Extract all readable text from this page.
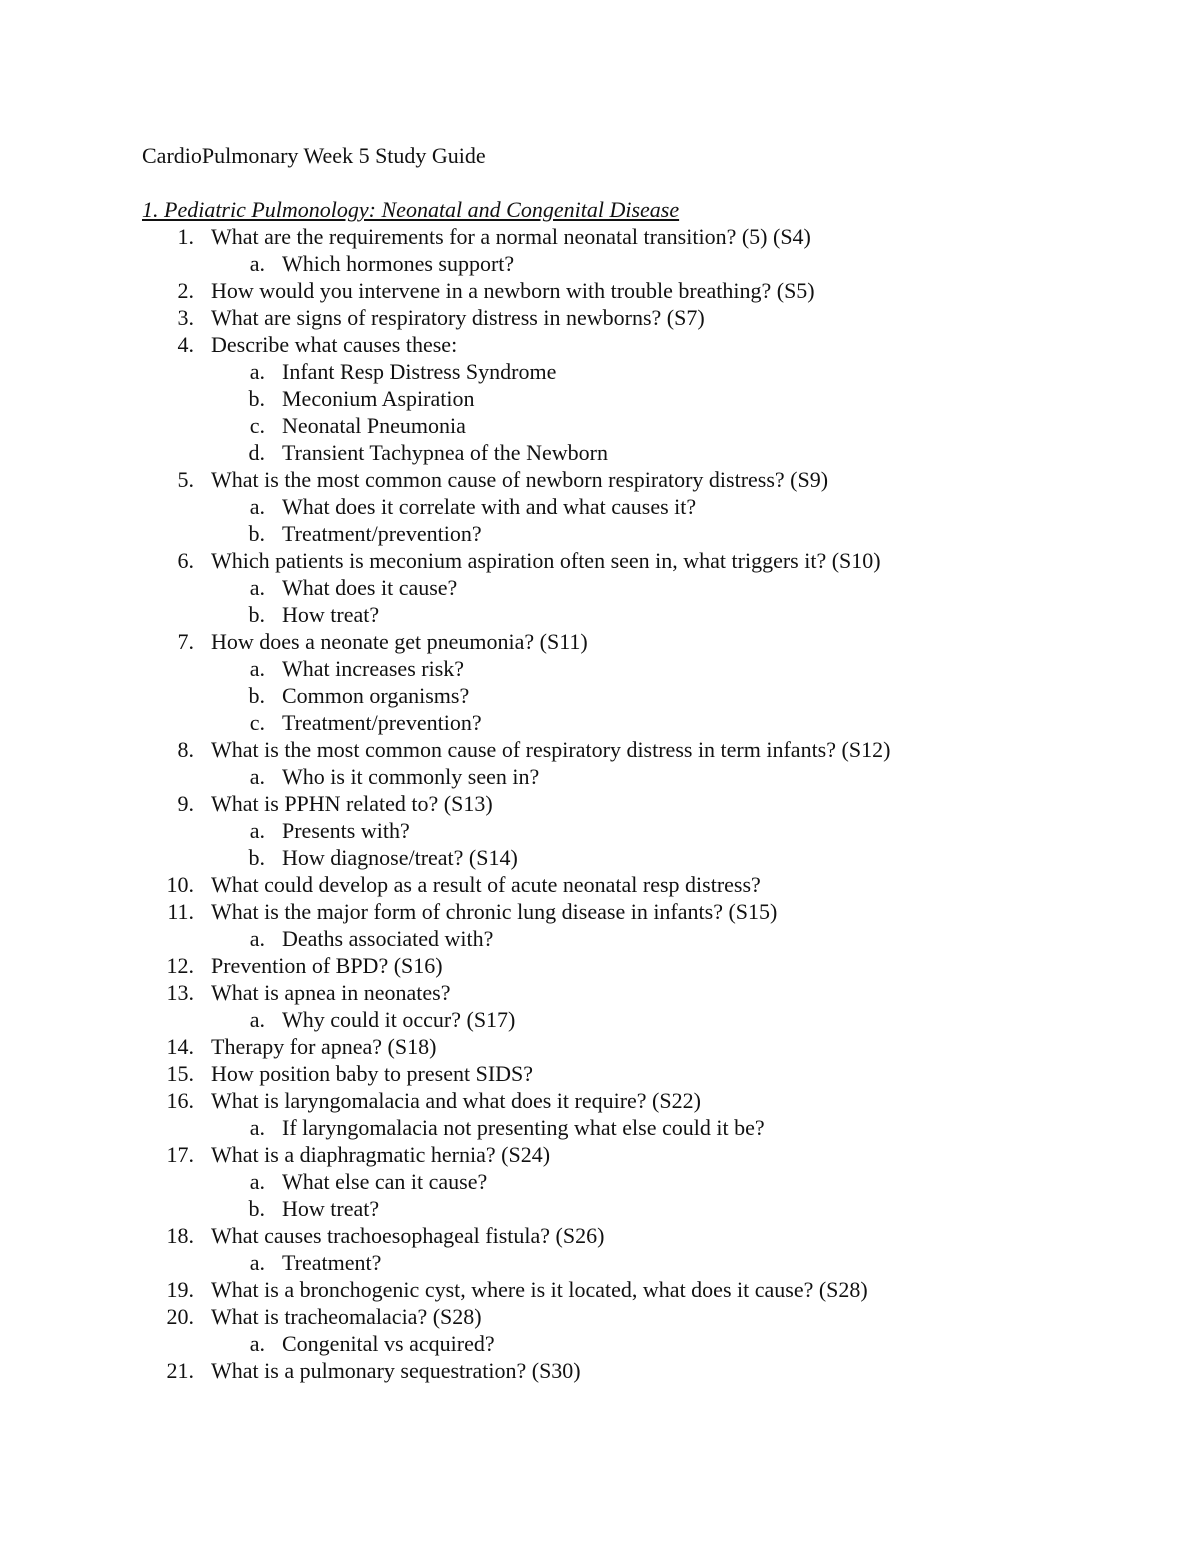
CardioPulmonary Week 5 Study Guide
1. Pediatric Pulmonology: Neonatal and Congenital Disease
1. What are the requirements for a normal neonatal transition? (5) (S4)
a. Which hormones support?
2. How would you intervene in a newborn with trouble breathing? (S5)
3. What are signs of respiratory distress in newborns? (S7)
4. Describe what causes these:
a. Infant Resp Distress Syndrome
b. Meconium Aspiration
c. Neonatal Pneumonia
d. Transient Tachypnea of the Newborn
5. What is the most common cause of newborn respiratory distress? (S9)
a. What does it correlate with and what causes it?
b. Treatment/prevention?
6. Which patients is meconium aspiration often seen in, what triggers it? (S10)
a. What does it cause?
b. How treat?
7. How does a neonate get pneumonia? (S11)
a. What increases risk?
b. Common organisms?
c. Treatment/prevention?
8. What is the most common cause of respiratory distress in term infants? (S12)
a. Who is it commonly seen in?
9. What is PPHN related to? (S13)
a. Presents with?
b. How diagnose/treat? (S14)
10. What could develop as a result of acute neonatal resp distress?
11. What is the major form of chronic lung disease in infants? (S15)
a. Deaths associated with?
12. Prevention of BPD? (S16)
13. What is apnea in neonates?
a. Why could it occur? (S17)
14. Therapy for apnea? (S18)
15. How position baby to present SIDS?
16. What is laryngomalacia and what does it require? (S22)
a. If laryngomalacia not presenting what else could it be?
17. What is a diaphragmatic hernia? (S24)
a. What else can it cause?
b. How treat?
18. What causes trachoesophageal fistula? (S26)
a. Treatment?
19. What is a bronchogenic cyst, where is it located, what does it cause? (S28)
20. What is tracheomalacia? (S28)
a. Congenital vs acquired?
21. What is a pulmonary sequestration? (S30)
